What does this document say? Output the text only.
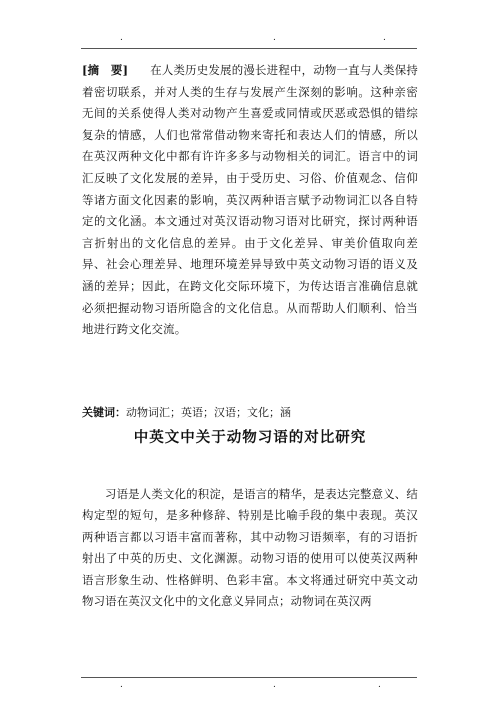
.	.	.
[摘　要] 在人类历史发展的漫长进程中，动物一直与人类保持着密切联系，并对人类的生存与发展产生深刻的影响。这种亲密无间的关系使得人类对动物产生喜爱或同情或厌恶或恐惧的错综复杂的情感，人们也常常借动物来寄托和表达人们的情感，所以在英汉两种文化中都有许许多多与动物相关的词汇。语言中的词汇反映了文化发展的差异，由于受历史、习俗、价值观念、信仰等诸方面文化因素的影响，英汉两种语言赋予动物词汇以各自特定的文化涵。本文通过对英汉语动物习语对比研究，探讨两种语言折射出的文化信息的差异。由于文化差异、审美价值取向差异、社会心理差异、地理环境差异导致中英文动物习语的语义及涵的差异；因此，在跨文化交际环境下，为传达语言准确信息就必须把握动物习语所隐含的文化信息。从而帮助人们顺利、恰当地进行跨文化交流。
关键词：动物词汇；英语；汉语；文化；涵
中英文中关于动物习语的对比研究
习语是人类文化的积淀，是语言的精华，是表达完整意义、结构定型的短句，是多种修辞、特别是比喻手段的集中表现。英汉两种语言都以习语丰富而著称，其中动物习语频率，有的习语折射出了中英的历史、文化渊源。动物习语的使用可以使英汉两种语言形象生动、性格鲜明、色彩丰富。本文将通过研究中英文动物习语在英汉文化中的文化意义异同点；动物词在英汉两
.	.	.
